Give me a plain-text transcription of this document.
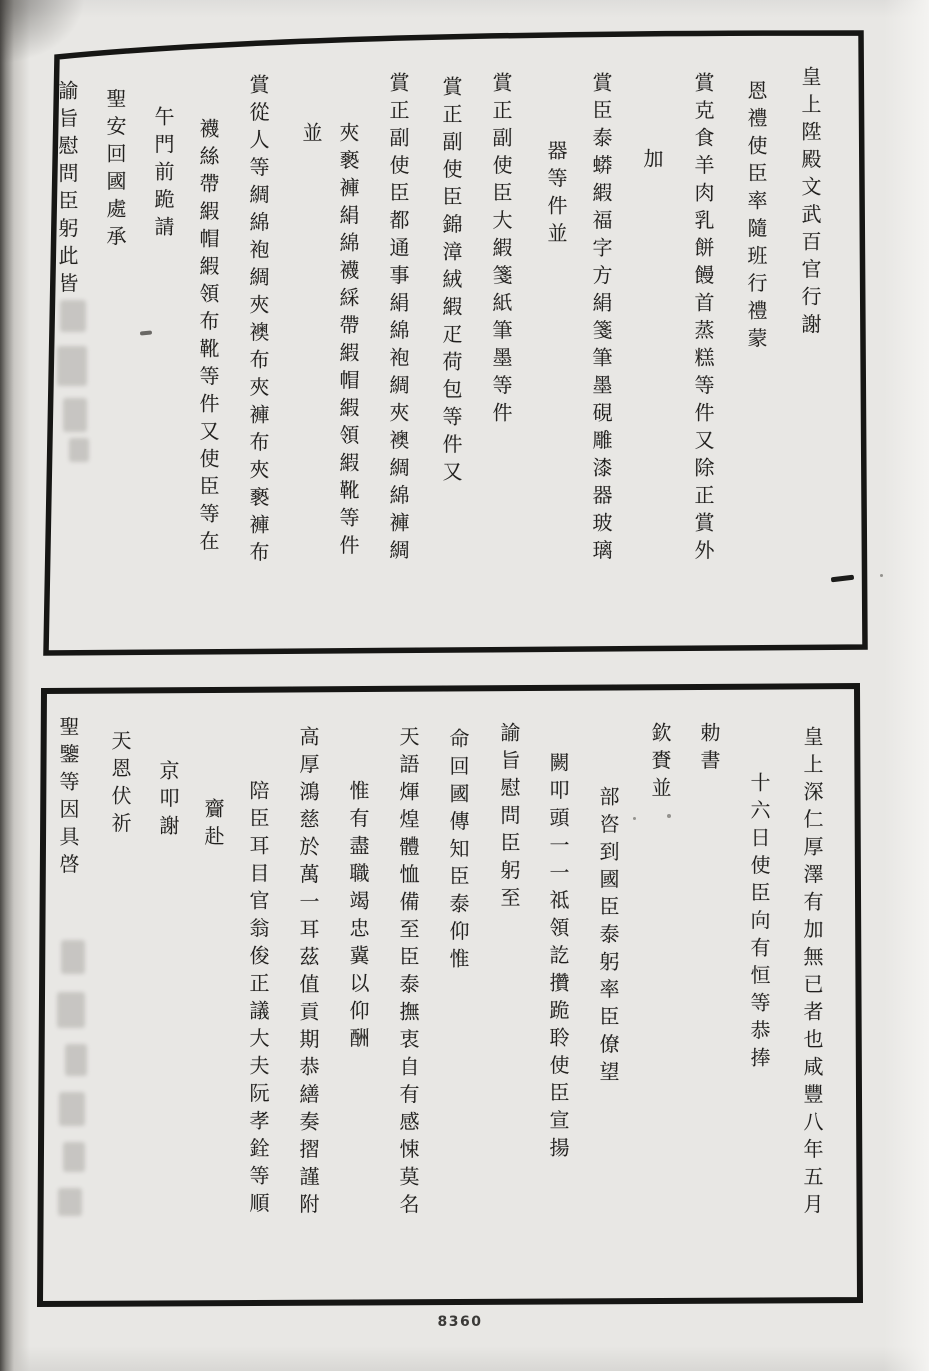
皇上陞殿文武百官行謝
恩禮使臣率隨班行禮蒙
賞克食羊肉乳餅饅首蒸糕等件又除正賞外
加
賞臣泰蟒縀福字方絹箋筆墨硯雕漆器玻璃
器等件並
賞正副使臣大縀箋紙筆墨等件
賞正副使臣錦漳絨縀疋荷包等件又
賞正副使臣都通事絹綿袍綢夾襖綢綿褲綢
夾褻褲絹綿襪綵帶縀帽縀領縀靴等件
並
賞從人等綢綿袍綢夾襖布夾褲布夾褻褲布
襪絲帶縀帽縀領布靴等件又使臣等在
午門前跪請
聖安回國處承
諭旨慰問臣躬此皆
皇上深仁厚澤有加無已者也咸豐八年五月
十六日使臣向有恒等恭捧
勅書
欽賚並
部咨到國臣泰躬率臣僚望
闕叩頭一一祗領訖攢跪聆使臣宣揚
諭旨慰問臣躬至
命回國傳知臣泰仰惟
天語煇煌體恤備至臣泰撫衷自有感悚莫名
惟有盡職竭忠冀以仰酬
高厚鴻慈於萬一耳茲值貢期恭繕奏摺謹附
陪臣耳目官翁俊正議大夫阮孝銓等順
齎赴
京叩謝
天恩伏祈
聖鑒等因具啓
8360
